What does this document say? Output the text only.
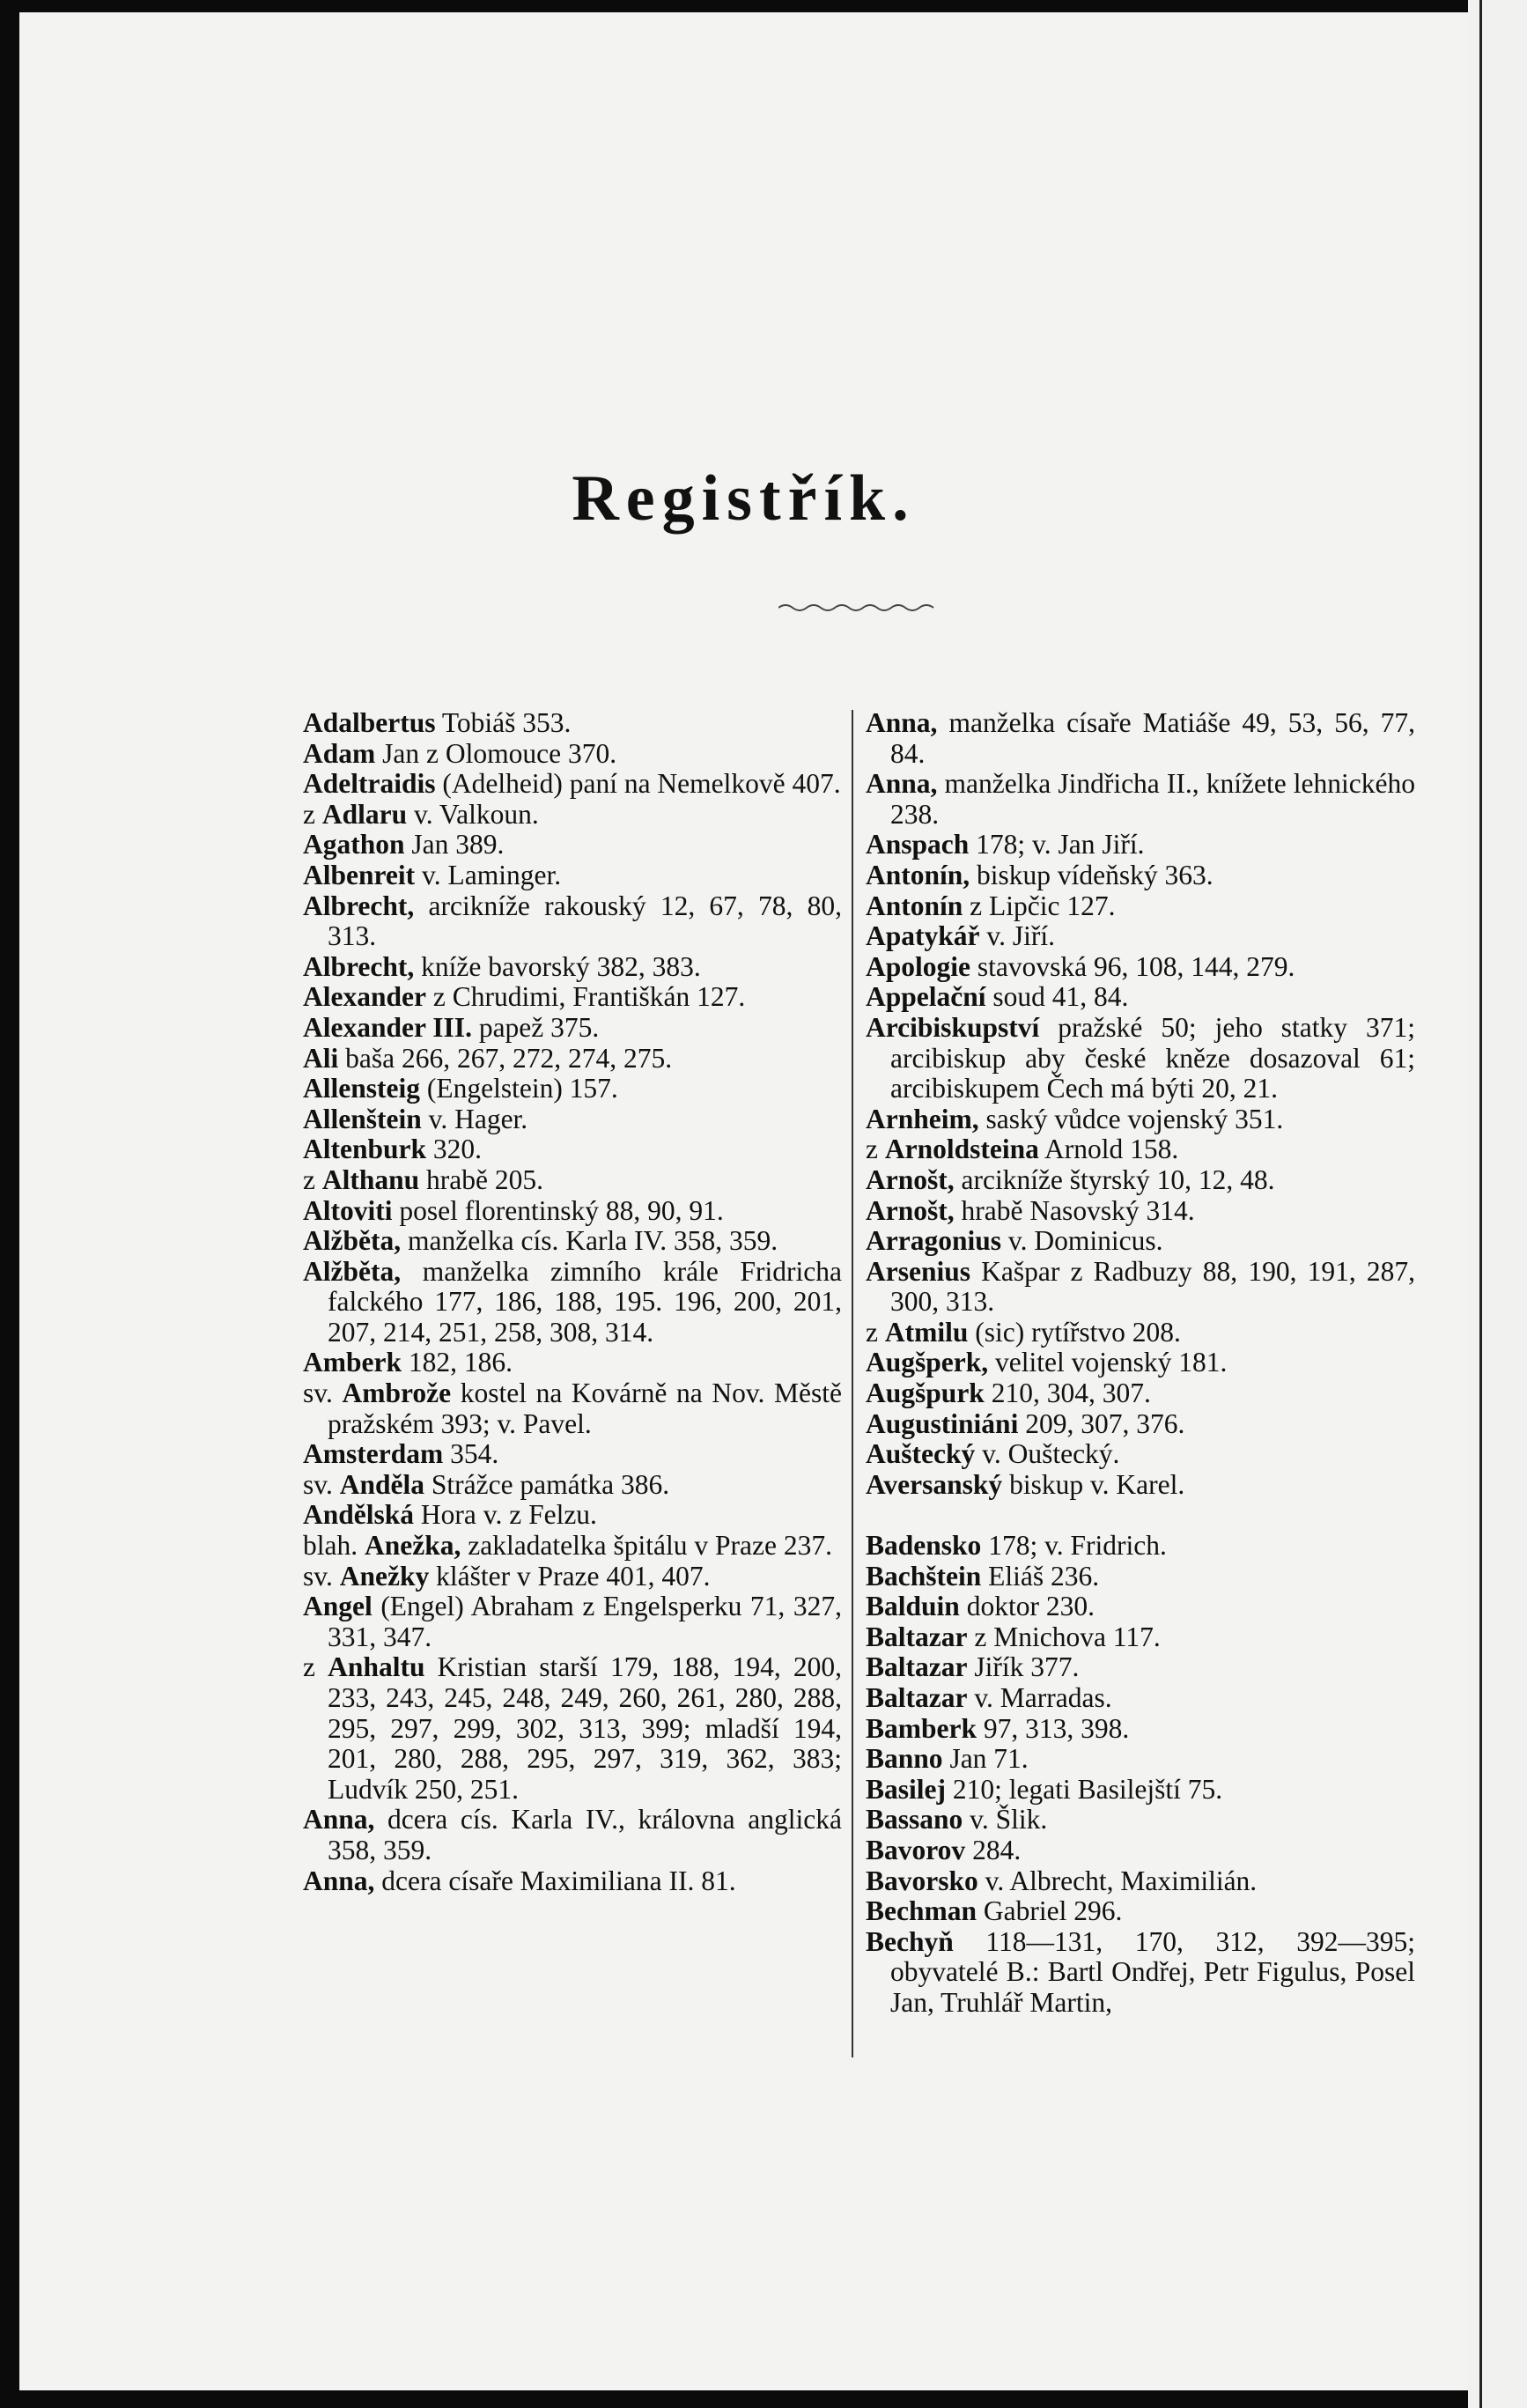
Registřík.

Adalbertus Tobiáš 353.

Adam Jan z Olomouce 370.

Adeltraidis (Adelheid) paní na Nemelkově 407.

z Adlaru v. Valkoun.

Agathon Jan 389.

Albenreit v. Laminger.

Albrecht, arcikníže rakouský 12, 67, 78, 80, 313.

Albrecht, kníže bavorský 382, 383.

Alexander z Chrudimi, Františkán 127.

Alexander III. papež 375.

Ali baša 266, 267, 272, 274, 275.

Allensteig (Engelstein) 157.

Allenštein v. Hager.

Altenburk 320.

z Althanu hrabě 205.

Altoviti posel florentinský 88, 90, 91.

Alžběta, manželka cís. Karla IV. 358, 359.

Alžběta, manželka zimního krále Fridricha falckého 177, 186, 188, 195. 196, 200, 201, 207, 214, 251, 258, 308, 314.

Amberk 182, 186.

sv. Ambrože kostel na Kovárně na Nov. Městě pražském 393; v. Pavel.

Amsterdam 354.

sv. Anděla Strážce památka 386.

Andělská Hora v. z Felzu.

blah. Anežka, zakladatelka špitálu v Praze 237.

sv. Anežky klášter v Praze 401, 407.

Angel (Engel) Abraham z Engelsperku 71, 327, 331, 347.

z Anhaltu Kristian starší 179, 188, 194, 200, 233, 243, 245, 248, 249, 260, 261, 280, 288, 295, 297, 299, 302, 313, 399; mladší 194, 201, 280, 288, 295, 297, 319, 362, 383; Ludvík 250, 251.

Anna, dcera cís. Karla IV., královna anglická 358, 359.

Anna, dcera císaře Maximiliana II. 81.

Anna, manželka císaře Matiáše 49, 53, 56, 77, 84.

Anna, manželka Jindřicha II., knížete lehnického 238.

Anspach 178; v. Jan Jiří.

Antonín, biskup vídeňský 363.

Antonín z Lipčic 127.

Apatykář v. Jiří.

Apologie stavovská 96, 108, 144, 279.

Appelační soud 41, 84.

Arcibiskupství pražské 50; jeho statky 371; arcibiskup aby české kněze dosazoval 61; arcibiskupem Čech má býti 20, 21.

Arnheim, saský vůdce vojenský 351.

z Arnoldsteina Arnold 158.

Arnošt, arcikníže štyrský 10, 12, 48.

Arnošt, hrabě Nasovský 314.

Arragonius v. Dominicus.

Arsenius Kašpar z Radbuzy 88, 190, 191, 287, 300, 313.

z Atmilu (sic) rytířstvo 208.

Augšperk, velitel vojenský 181.

Augšpurk 210, 304, 307.

Augustiniáni 209, 307, 376.

Auštecký v. Ouštecký.

Aversanský biskup v. Karel.

Badensko 178; v. Fridrich.

Bachštein Eliáš 236.

Balduin doktor 230.

Baltazar z Mnichova 117.

Baltazar Jiřík 377.

Baltazar v. Marradas.

Bamberk 97, 313, 398.

Banno Jan 71.

Basilej 210; legati Basilejští 75.

Bassano v. Šlik.

Bavorov 284.

Bavorsko v. Albrecht, Maximilián.

Bechman Gabriel 296.

Bechyň 118—131, 170, 312, 392—395; obyvatelé B.: Bartl Ondřej, Petr Figulus, Posel Jan, Truhlář Martin,
